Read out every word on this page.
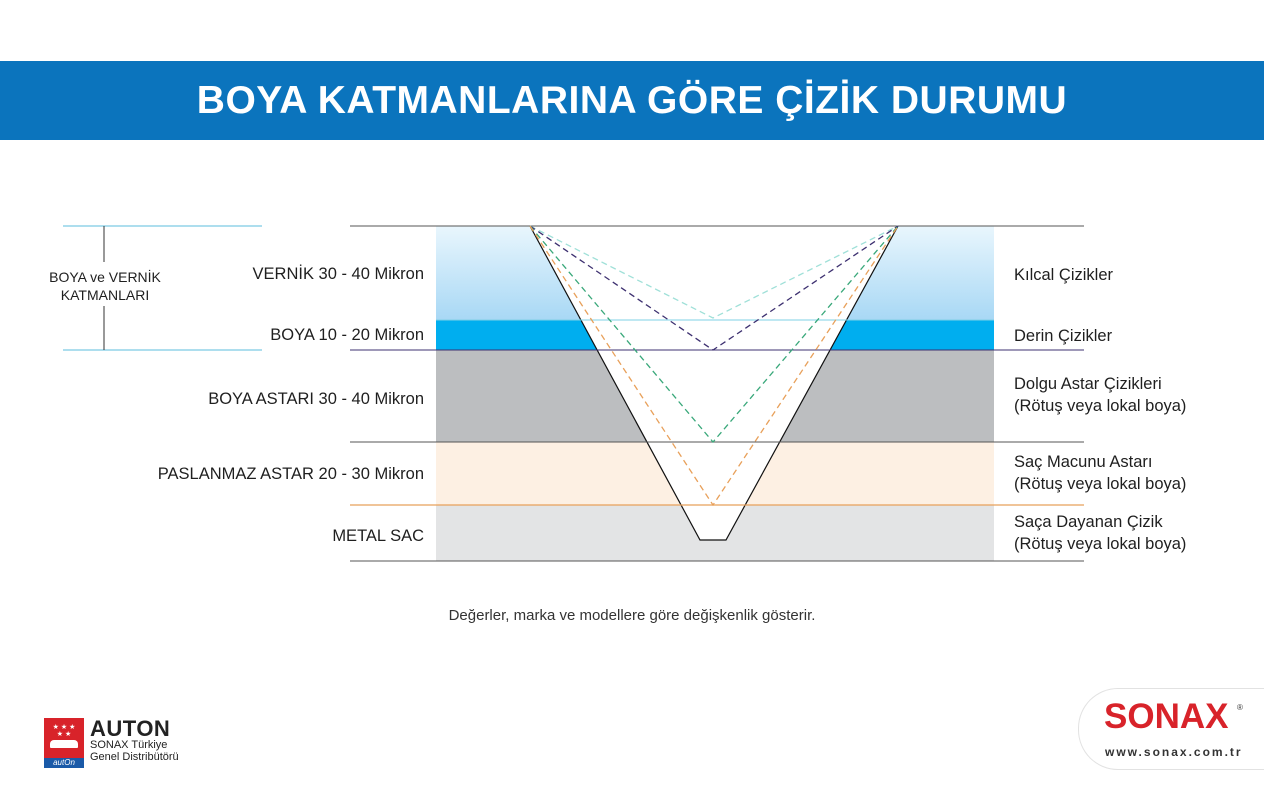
BOYA KATMANLARINA GÖRE ÇİZİK DURUMU
BOYA ve VERNİK
KATMANLARI
VERNİK 30 - 40 Mikron
BOYA 10 - 20 Mikron
BOYA ASTARI 30 - 40 Mikron
PASLANMAZ ASTAR 20 - 30 Mikron
METAL SAC
Kılcal Çizikler
Derin Çizikler
Dolgu Astar Çizikleri
(Rötuş veya lokal boya)
Saç Macunu Astarı
(Rötuş veya lokal boya)
Saça Dayanan Çizik
(Rötuş veya lokal boya)
Değerler, marka ve modellere göre değişkenlik gösterir.
★ ★ ★
★ ★
autOn
AUTON
SONAX Türkiye
Genel Distribütörü
SONAX ®
www.sonax.com.tr
